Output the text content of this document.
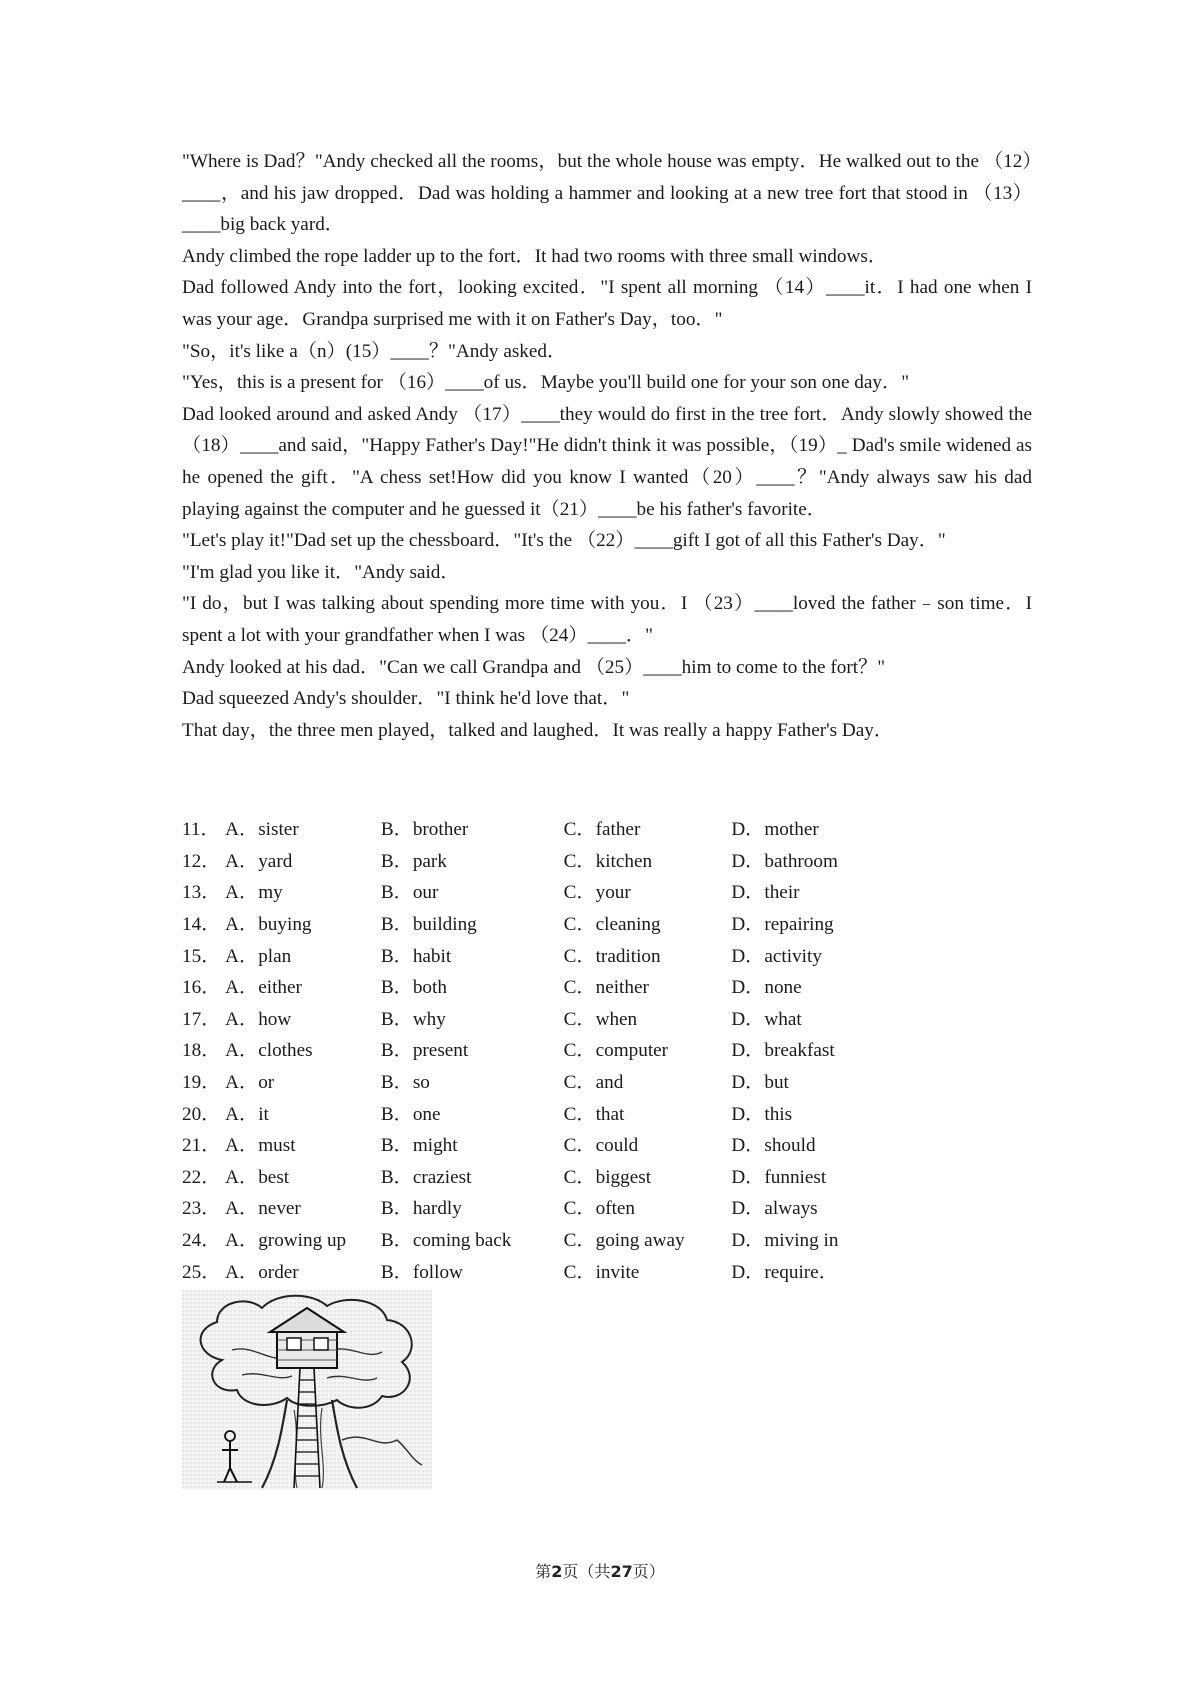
"Where is Dad？"Andy checked all the rooms，but the whole house was empty．He walked out to the （12）____，and his jaw dropped．Dad was holding a hammer and looking at a new tree fort that stood in （13）____big back yard．

Andy climbed the rope ladder up to the fort．It had two rooms with three small windows．

Dad followed Andy into the fort，looking excited．"I spent all morning （14）____it．I had one when I was your age．Grandpa surprised me with it on Father's Day，too．"

"So，it's like a（n）(15）____？"Andy asked．

"Yes，this is a present for （16）____of us．Maybe you'll build one for your son one day．"

Dad looked around and asked Andy （17）____they would do first in the tree fort．Andy slowly showed the （18）____and said，"Happy Father's Day!"He didn't think it was possible，（19）_ Dad's smile widened as he opened the gift．"A chess set!How did you know I wanted（20）____？"Andy always saw his dad playing against the computer and he guessed it（21）____be his father's favorite．

"Let's play it!"Dad set up the chessboard．"It's the （22）____gift I got of all this Father's Day．"

"I'm glad you like it．"Andy said．

"I do，but I was talking about spending more time with you．I （23）____loved the father﹣son time．I spent a lot with your grandfather when I was （24）____．"

Andy looked at his dad．"Can we call Grandpa and （25）____him to come to the fort？"

Dad squeezed Andy's shoulder．"I think he'd love that．"

That day，the three men played，talked and laughed．It was really a happy Father's Day．

11．	A．sister	B．brother	C．father	D．mother
12．	A．yard	B．park	C．kitchen	D．bathroom
13．	A．my	B．our	C．your	D．their
14．	A．buying	B．building	C．cleaning	D．repairing
15．	A．plan	B．habit	C．tradition	D．activity
16．	A．either	B．both	C．neither	D．none
17．	A．how	B．why	C．when	D．what
18．	A．clothes	B．present	C．computer	D．breakfast
19．	A．or	B．so	C．and	D．but
20．	A．it	B．one	C．that	D．this
21．	A．must	B．might	C．could	D．should
22．	A．best	B．craziest	C．biggest	D．funniest
23．	A．never	B．hardly	C．often	D．always
24．	A．growing up	B．coming back	C．going away	D．miving in
25．	A．order	B．follow	C．invite	D．require．
第2页（共27页）
